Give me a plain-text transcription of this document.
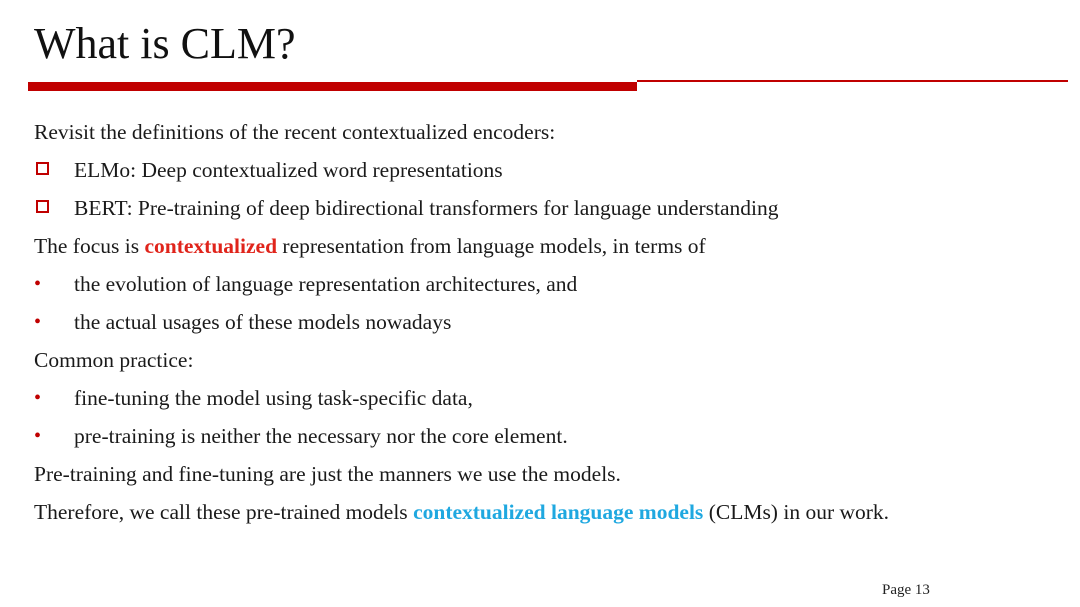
What is CLM?
Revisit the definitions of the recent contextualized encoders:
ELMo: Deep contextualized word representations
BERT: Pre-training of deep bidirectional transformers for language understanding
The focus is contextualized representation from language models, in terms of
• the evolution of language representation architectures, and
• the actual usages of these models nowadays
Common practice:
• fine-tuning the model using task-specific data,
• pre-training is neither the necessary nor the core element.
Pre-training and fine-tuning are just the manners we use the models.
Therefore, we call these pre-trained models contextualized language models (CLMs) in our work.
Page 13
